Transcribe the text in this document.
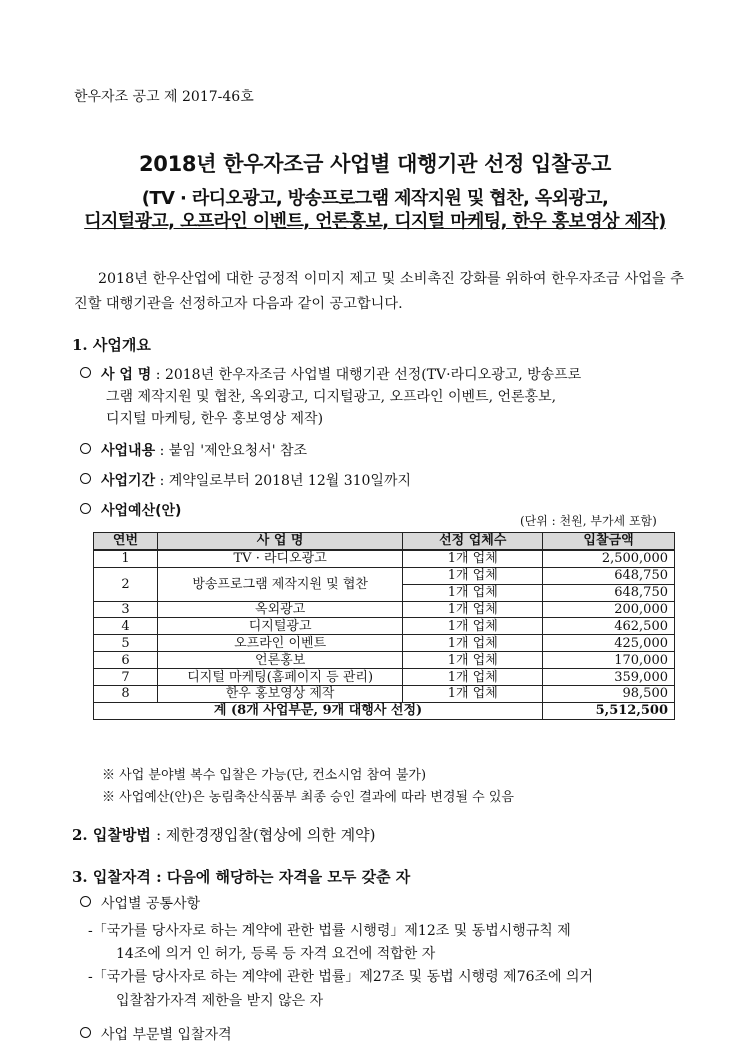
한우자조 공고 제 2017-46호
2018년 한우자조금 사업별 대행기관 선정 입찰공고
(TV · 라디오광고, 방송프로그램 제작지원 및 협찬, 옥외광고,
디지털광고, 오프라인 이벤트, 언론홍보, 디지털 마케팅, 한우 홍보영상 제작)
2018년 한우산업에 대한 긍정적 이미지 제고 및 소비촉진 강화를 위하여 한우자조금 사업을 추진할 대행기관을 선정하고자 다음과 같이 공고합니다.
1. 사업개요
사 업 명 : 2018년 한우자조금 사업별 대행기관 선정(TV·라디오광고, 방송프로
그램 제작지원 및 협찬, 옥외광고, 디지털광고, 오프라인 이벤트, 언론홍보,
디지털 마케팅, 한우 홍보영상 제작)
사업내용 : 붙임 '제안요청서' 참조
사업기간 : 계약일로부터 2018년 12월 310일까지
사업예산(안)
(단위 : 천원, 부가세 포함)
연번	사 업 명	선정 업체수	입찰금액
1	TV · 라디오광고	1개 업체	2,500,000
2	방송프로그램 제작지원 및 협찬	1개 업체	648,750
		1개 업체	648,750
3	옥외광고	1개 업체	200,000
4	디지털광고	1개 업체	462,500
5	오프라인 이벤트	1개 업체	425,000
6	언론홍보	1개 업체	170,000
7	디지털 마케팅(홈페이지 등 관리)	1개 업체	359,000
8	한우 홍보영상 제작	1개 업체	98,500
계 (8개 사업부문, 9개 대행사 선정)			5,512,500
※ 사업 분야별 복수 입찰은 가능(단, 컨소시엄 참여 불가)
※ 사업예산(안)은 농림축산식품부 최종 승인 결과에 따라 변경될 수 있음
2. 입찰방법 : 제한경쟁입찰(협상에 의한 계약)
3. 입찰자격 : 다음에 해당하는 자격을 모두 갖춘 자
사업별 공통사항
-「국가를 당사자로 하는 계약에 관한 법률 시행령」제12조 및 동법시행규칙 제
14조에 의거 인 허가, 등록 등 자격 요건에 적합한 자
-「국가를 당사자로 하는 계약에 관한 법률」제27조 및 동법 시행령 제76조에 의거
입찰참가자격 제한을 받지 않은 자
사업 부문별 입찰자격
